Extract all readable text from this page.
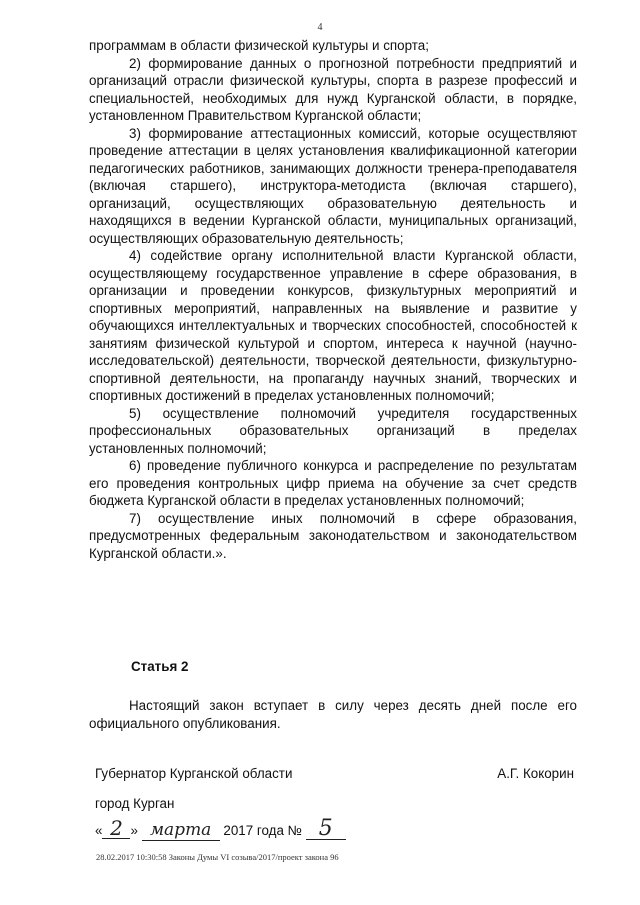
4

программам в области физической культуры и спорта;

2) формирование данных о прогнозной потребности предприятий и организаций отрасли физической культуры, спорта в разрезе профессий и специальностей, необходимых для нужд Курганской области, в порядке, установленном Правительством Курганской области;

3) формирование аттестационных комиссий, которые осуществляют проведение аттестации в целях установления квалификационной категории педагогических работников, занимающих должности тренера-преподавателя (включая старшего), инструктора-методиста (включая старшего), организаций, осуществляющих образовательную деятельность и находящихся в ведении Курганской области, муниципальных организаций, осуществляющих образовательную деятельность;

4) содействие органу исполнительной власти Курганской области, осуществляющему государственное управление в сфере образования, в организации и проведении конкурсов, физкультурных мероприятий и спортивных мероприятий, направленных на выявление и развитие у обучающихся интеллектуальных и творческих способностей, способностей к занятиям физической культурой и спортом, интереса к научной (научно-исследовательской) деятельности, творческой деятельности, физкультурно-спортивной деятельности, на пропаганду научных знаний, творческих и спортивных достижений в пределах установленных полномочий;

5) осуществление полномочий учредителя государственных профессиональных образовательных организаций в пределах установленных полномочий;

6) проведение публичного конкурса и распределение по результатам его проведения контрольных цифр приема на обучение за счет средств бюджета Курганской области в пределах установленных полномочий;

7) осуществление иных полномочий в сфере образования, предусмотренных федеральным законодательством и законодательством Курганской области.».

Статья 2
Настоящий закон вступает в силу через десять дней после его официального опубликования.
Губернатор Курганской области	А.Г. Кокорин
город Курган
« 2 » марта 2017 года № 5
28.02.2017 10:30:58 Законы Думы VI созыва/2017/проект закона 96
